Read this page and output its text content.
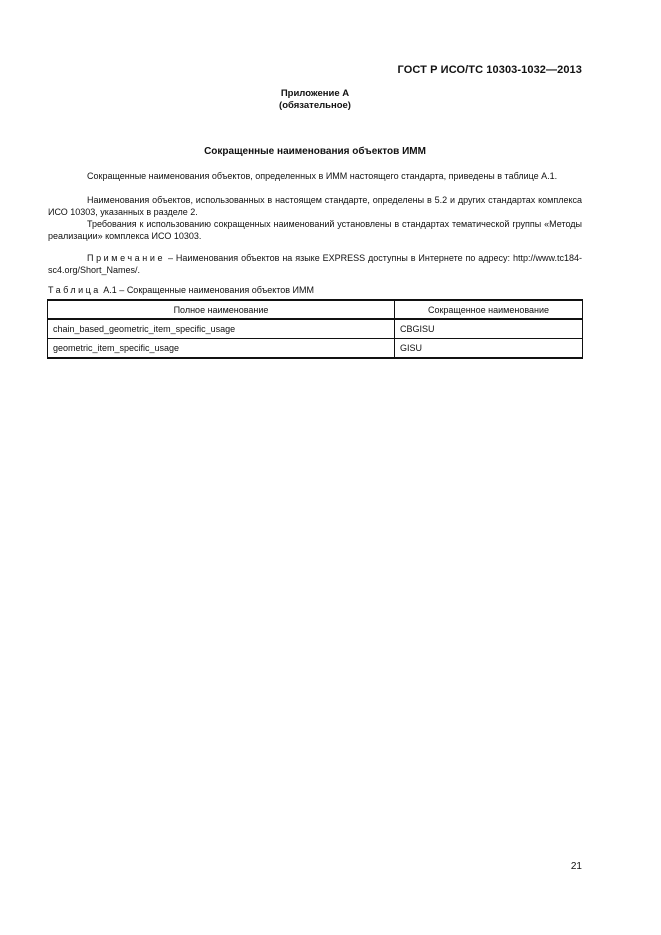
ГОСТ Р ИСО/ТС 10303-1032—2013
Приложение А
(обязательное)
Сокращенные наименования объектов ИММ

Сокращенные наименования объектов, определенных в ИММ настоящего стандарта, приведены в таблице А.1.

Наименования объектов, использованных в настоящем стандарте, определены в 5.2 и других стандартах комплекса ИСО 10303, указанных в разделе 2.

Требования к использованию сокращенных наименований установлены в стандартах тематической группы «Методы реализации» комплекса ИСО 10303.

Примечание – Наименования объектов на языке EXPRESS доступны в Интернете по адресу: http://www.tc184-sc4.org/Short_Names/.

Таблица А.1 – Сокращенные наименования объектов ИММ
Полное наименование	Сокращенное наименование
chain_based_geometric_item_specific_usage	CBGISU
geometric_item_specific_usage	GISU
21
